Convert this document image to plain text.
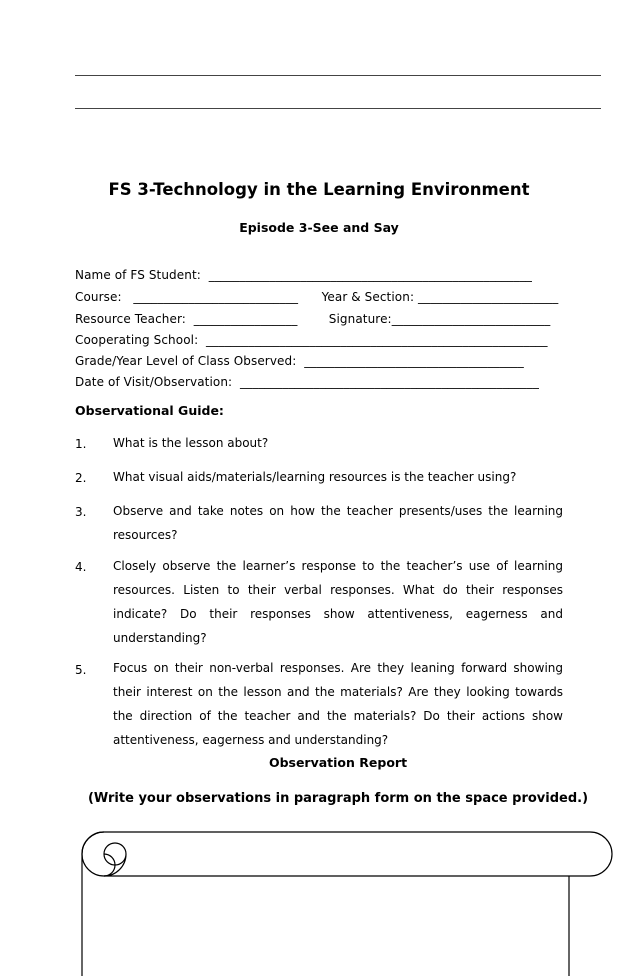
FS 3-Technology in the Learning Environment
Episode 3-See and Say
Name of FS Student:  _____________________________________________________
Course:   ___________________________      Year & Section: _______________________
Resource Teacher:  _________________        Signature:__________________________
Cooperating School:  ________________________________________________________
Grade/Year Level of Class Observed:  ____________________________________
Date of Visit/Observation:  _________________________________________________
Observational Guide:
1. What is the lesson about?
2. What visual aids/materials/learning resources is the teacher using?
3. Observe and take notes on how the teacher presents/uses the learning resources?
4. Closely observe the learner’s response to the teacher’s use of learning resources. Listen to their verbal responses. What do their responses indicate? Do their responses show attentiveness, eagerness and understanding?
5. Focus on their non-verbal responses. Are they leaning forward showing their interest on the lesson and the materials? Are they looking towards the direction of the teacher and the materials? Do their actions show attentiveness, eagerness and understanding?
Observation Report
(Write your observations in paragraph form on the space provided.)
